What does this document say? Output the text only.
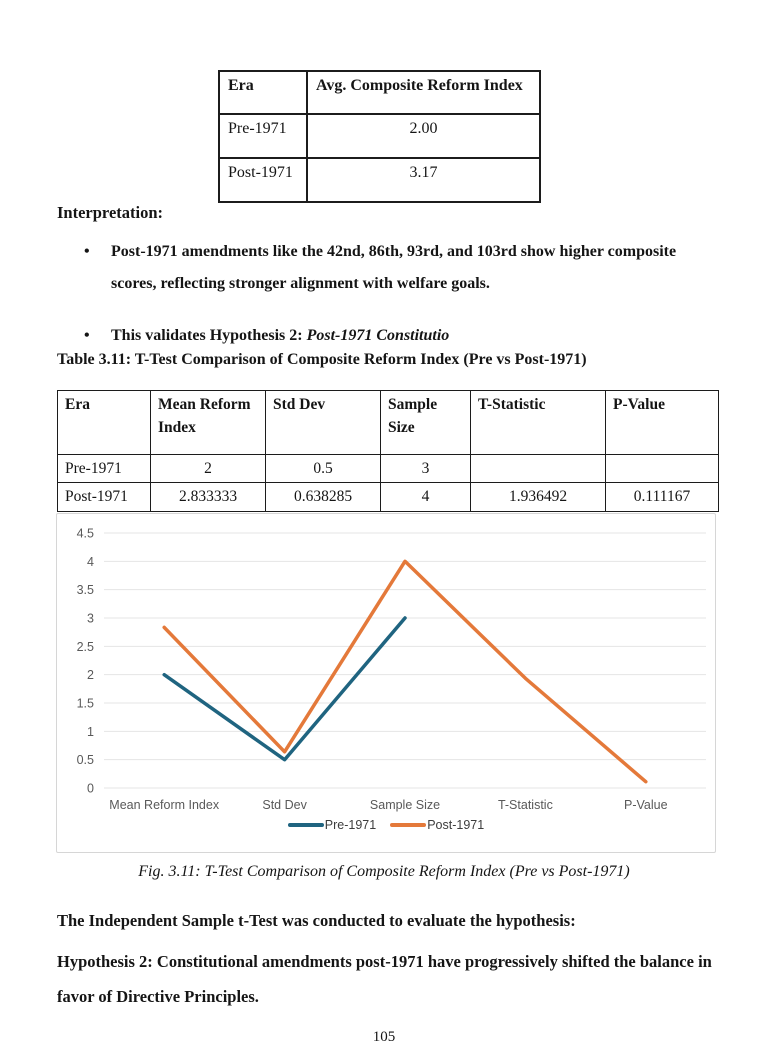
Era	Avg. Composite Reform Index
Pre-1971	2.00
Post-1971	3.17
Interpretation:
•	Post-1971 amendments like the 42nd, 86th, 93rd, and 103rd show higher composite scores, reflecting stronger alignment with welfare goals.
•	This validates Hypothesis 2: Post-1971 Constitutio
Table 3.11: T-Test Comparison of Composite Reform Index (Pre vs Post-1971)
Era	Mean Reform Index	Std Dev	Sample Size	T-Statistic	P-Value
Pre-1971	2	0.5	3		
Post-1971	2.833333	0.638285	4	1.936492	0.111167
0
0.5
1
1.5
2
2.5
3
3.5
4
4.5
Mean Reform Index	Std Dev	Sample Size	T-Statistic	P-Value
Pre-1971	Post-1971
Fig. 3.11: T-Test Comparison of Composite Reform Index (Pre vs Post-1971)
The Independent Sample t-Test was conducted to evaluate the hypothesis:
Hypothesis 2: Constitutional amendments post-1971 have progressively shifted the balance in favor of Directive Principles.
105
